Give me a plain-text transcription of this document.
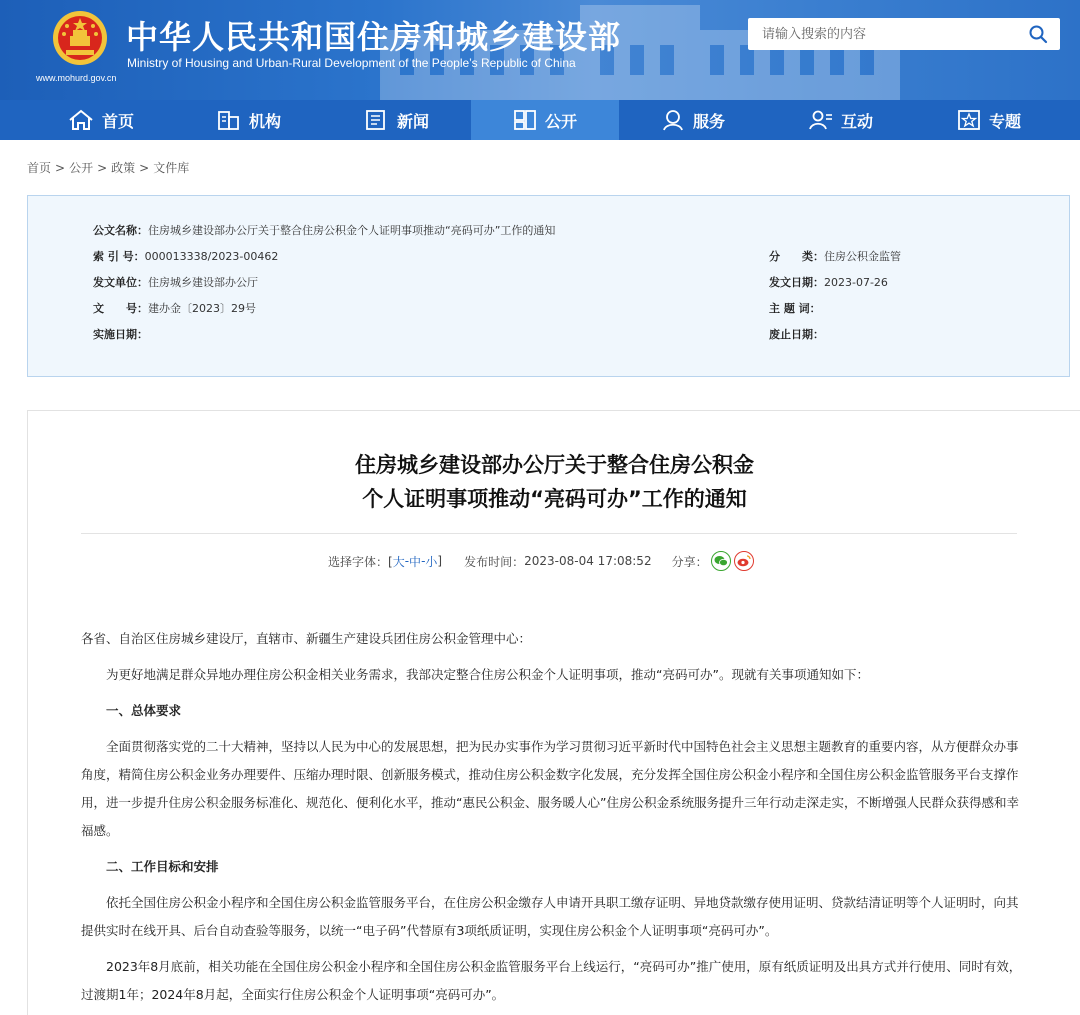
www.mohurd.gov.cn
中华人民共和国住房和城乡建设部
Ministry of Housing and Urban-Rural Development of the People’s Republic of China
请输入搜索的内容
首页	机构	新闻	公开	服务	互动	专题
首页 > 公开 > 政策 > 文件库
公文名称：住房城乡建设部办公厅关于整合住房公积金个人证明事项推动“亮码可办”工作的通知
索 引 号：000013338/2023-00462	分　　类：住房公积金监管
发文单位：住房城乡建设部办公厅	发文日期：2023-07-26
文　　号：建办金〔2023〕29号	主 题 词：
实施日期：	废止日期：
住房城乡建设部办公厅关于整合住房公积金
个人证明事项推动“亮码可办”工作的通知
选择字体：[ 大 - 中 - 小 ] 发布时间： 2023-08-04 17:08:52 分享：
各省、自治区住房城乡建设厅，直辖市、新疆生产建设兵团住房公积金管理中心：
为更好地满足群众异地办理住房公积金相关业务需求，我部决定整合住房公积金个人证明事项，推动“亮码可办”。现就有关事项通知如下：
一、总体要求
全面贯彻落实党的二十大精神，坚持以人民为中心的发展思想，把为民办实事作为学习贯彻习近平新时代中国特色社会主义思想主题教育的重要内容，从方便群众办事角度，精简住房公积金业务办理要件、压缩办理时限、创新服务模式，推动住房公积金数字化发展，充分发挥全国住房公积金小程序和全国住房公积金监管服务平台支撑作用，进一步提升住房公积金服务标准化、规范化、便利化水平，推动“惠民公积金、服务暖人心”住房公积金系统服务提升三年行动走深走实，不断增强人民群众获得感和幸福感。
二、工作目标和安排
依托全国住房公积金小程序和全国住房公积金监管服务平台，在住房公积金缴存人申请开具职工缴存证明、异地贷款缴存使用证明、贷款结清证明等个人证明时，向其提供实时在线开具、后台自动查验等服务，以统一“电子码”代替原有3项纸质证明，实现住房公积金个人证明事项“亮码可办”。
2023年8月底前，相关功能在全国住房公积金小程序和全国住房公积金监管服务平台上线运行，“亮码可办”推广使用，原有纸质证明及出具方式并行使用、同时有效，过渡期1年；2024年8月起，全面实行住房公积金个人证明事项“亮码可办”。
